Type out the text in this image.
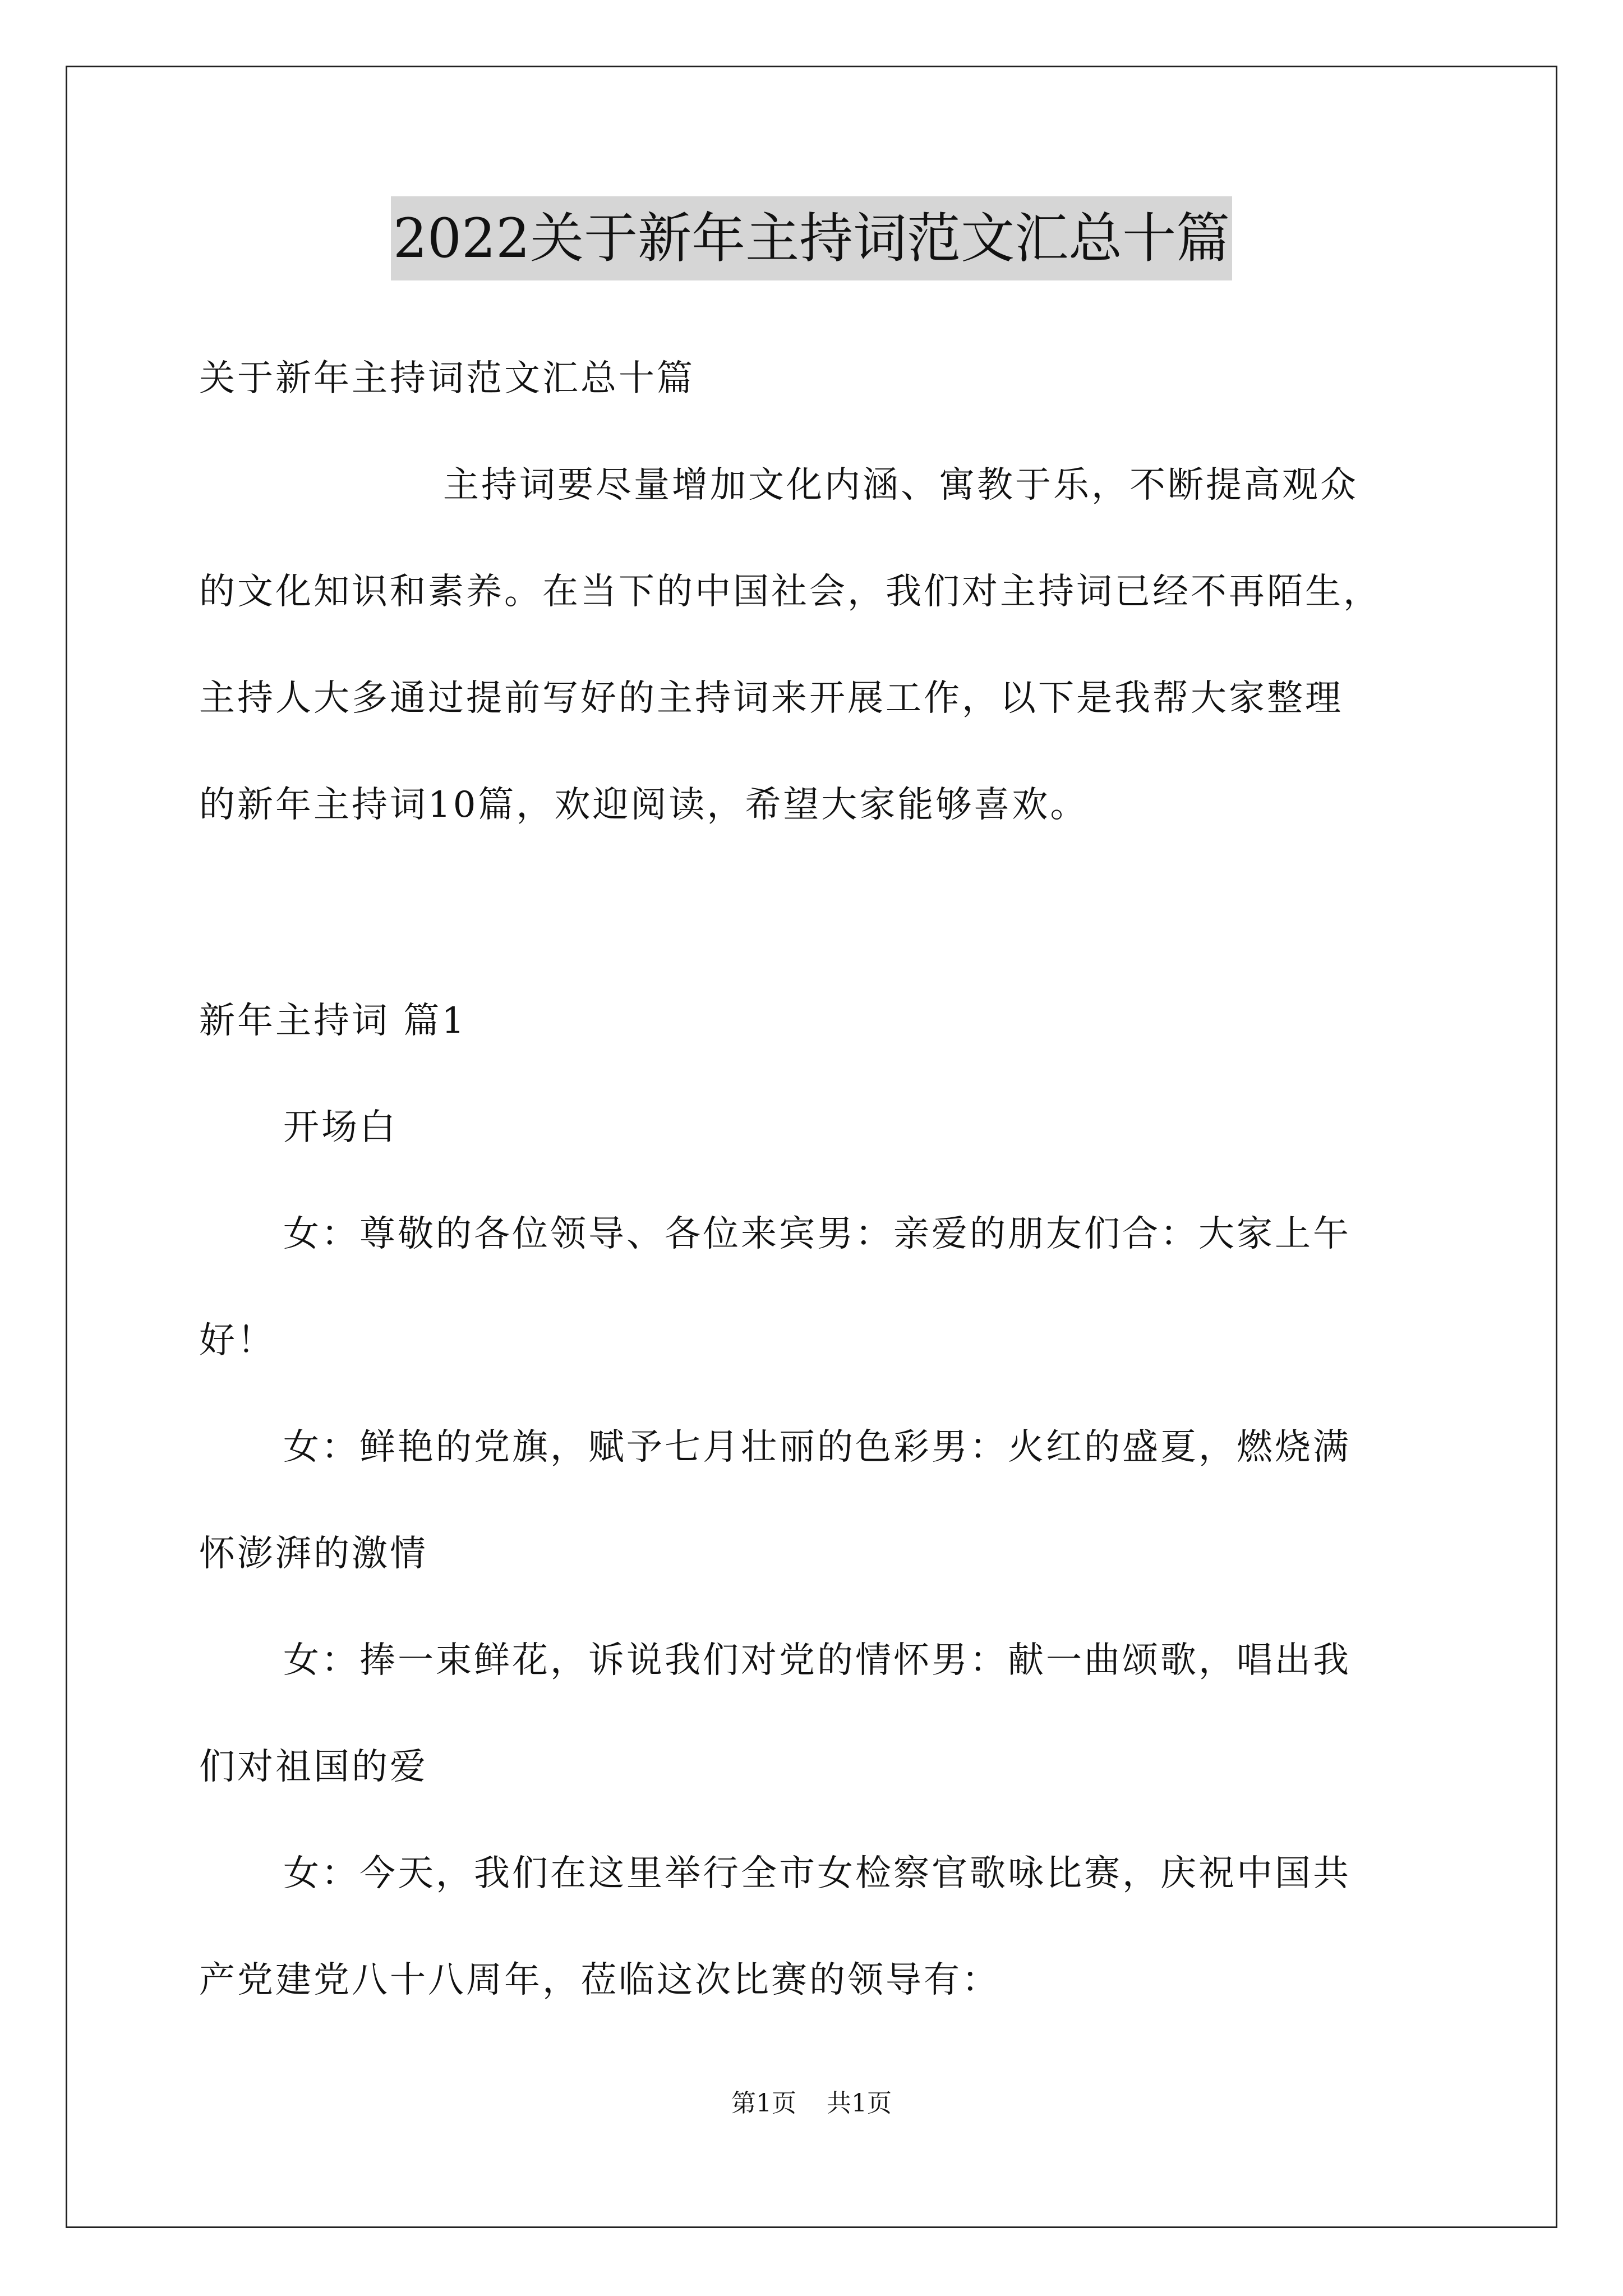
2022关于新年主持词范文汇总十篇
关于新年主持词范文汇总十篇
主持词要尽量增加文化内涵、寓教于乐，不断提高观众
的文化知识和素养。在当下的中国社会，我们对主持词已经不再陌生，
主持人大多通过提前写好的主持词来开展工作，以下是我帮大家整理
的新年主持词10篇，欢迎阅读，希望大家能够喜欢。
新年主持词 篇1
开场白
女：尊敬的各位领导、各位来宾男：亲爱的朋友们合：大家上午
好！
女：鲜艳的党旗，赋予七月壮丽的色彩男：火红的盛夏，燃烧满
怀澎湃的激情
女：捧一束鲜花，诉说我们对党的情怀男：献一曲颂歌，唱出我
们对祖国的爱
女：今天，我们在这里举行全市女检察官歌咏比赛，庆祝中国共
产党建党八十八周年，莅临这次比赛的领导有：
第1页 共1页
